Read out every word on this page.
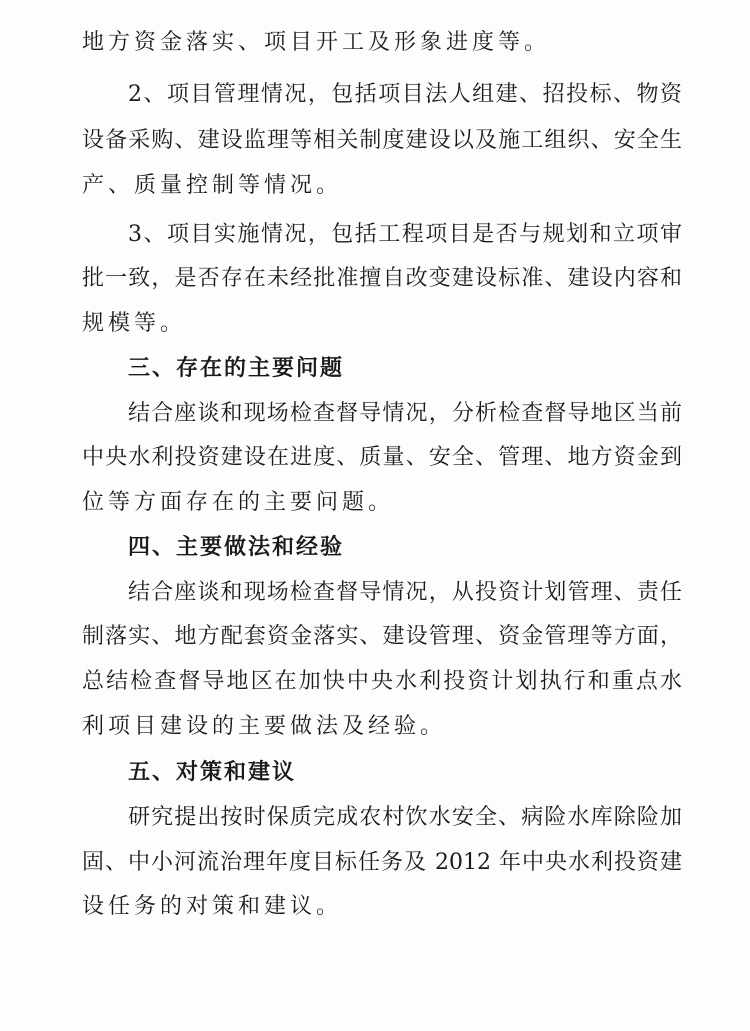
地方资金落实、项目开工及形象进度等。
2、项目管理情况，包括项目法人组建、招投标、物资
设备采购、建设监理等相关制度建设以及施工组织、安全生
产、质量控制等情况。
3、项目实施情况，包括工程项目是否与规划和立项审
批一致，是否存在未经批准擅自改变建设标准、建设内容和
规模等。
三、存在的主要问题
结合座谈和现场检查督导情况，分析检查督导地区当前
中央水利投资建设在进度、质量、安全、管理、地方资金到
位等方面存在的主要问题。
四、主要做法和经验
结合座谈和现场检查督导情况，从投资计划管理、责任
制落实、地方配套资金落实、建设管理、资金管理等方面，
总结检查督导地区在加快中央水利投资计划执行和重点水
利项目建设的主要做法及经验。
五、对策和建议
研究提出按时保质完成农村饮水安全、病险水库除险加
固、中小河流治理年度目标任务及 2012 年中央水利投资建
设任务的对策和建议。
